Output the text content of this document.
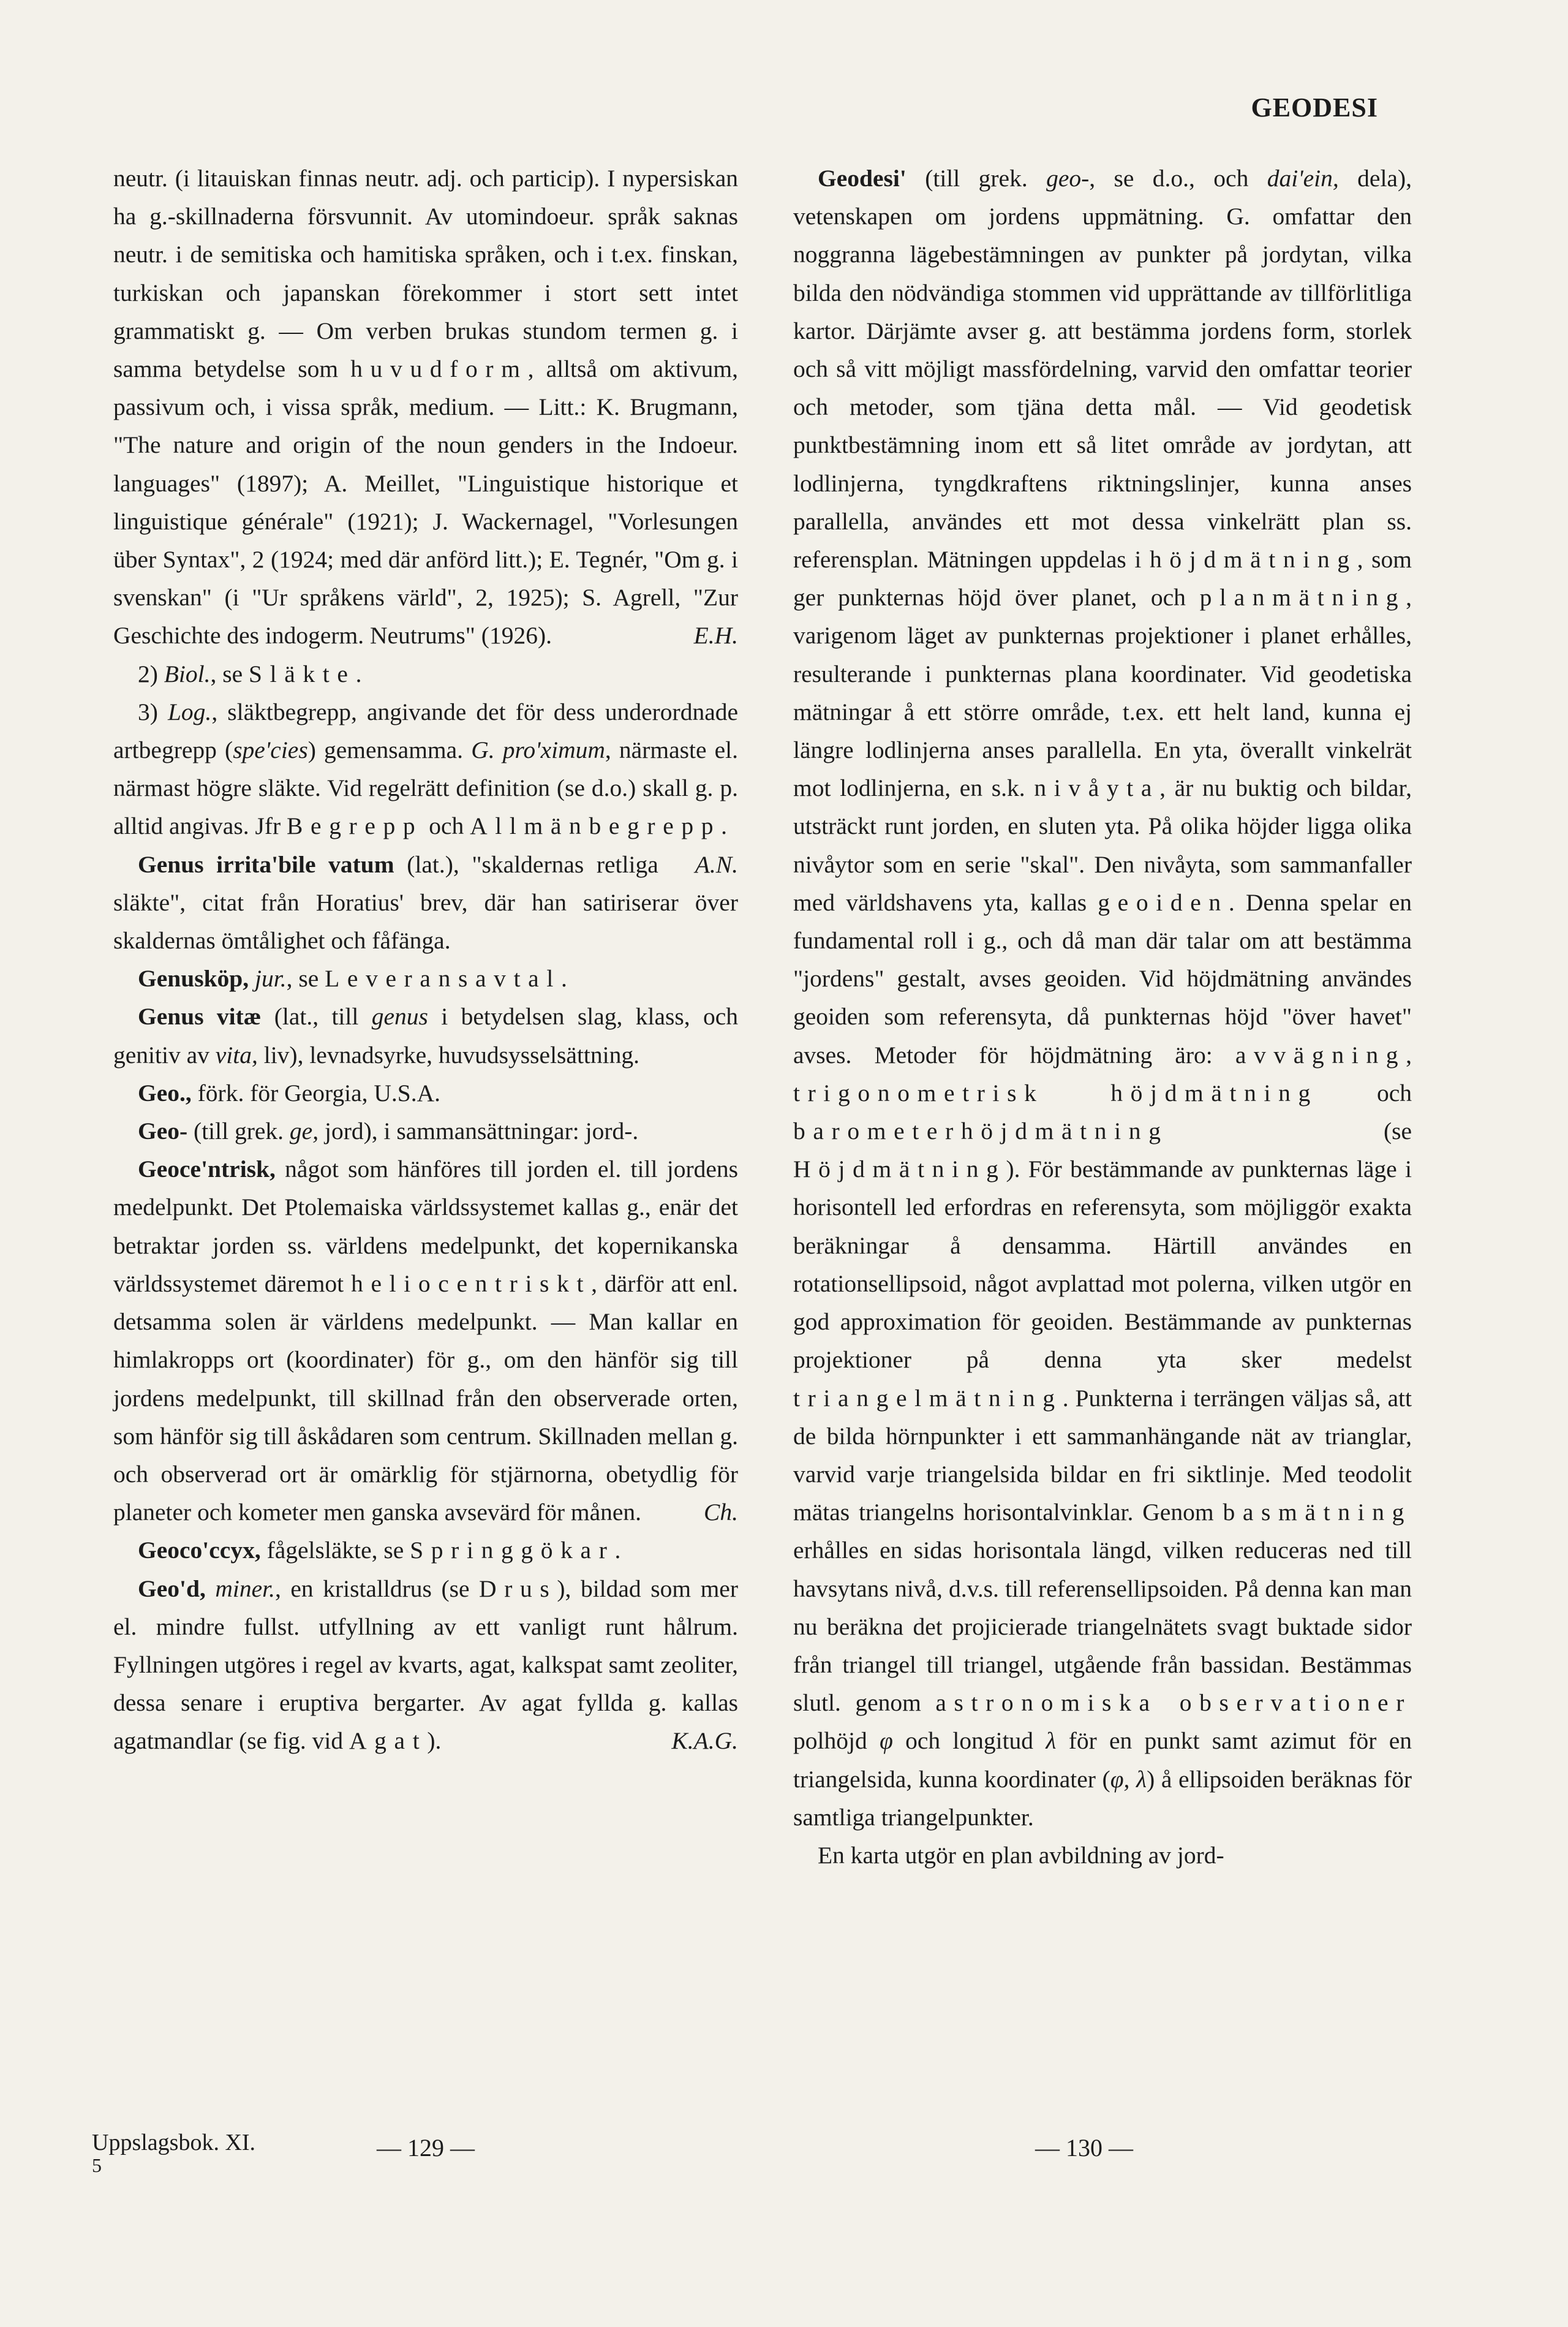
GEODESI

neutr. (i litauiskan finnas neutr. adj. och particip). I nypersiskan ha g.-skillnaderna försvunnit. Av utomindoeur. språk saknas neutr. i de semitiska och hamitiska språken, och i t.ex. finskan, turkiskan och japanskan förekommer i stort sett intet grammatiskt g. — Om verben brukas stundom termen g. i samma betydelse som huvudform, alltså om aktivum, passivum och, i vissa språk, medium. — Litt.: K. Brugmann, "The nature and origin of the noun genders in the Indoeur. languages" (1897); A. Meillet, "Linguistique historique et linguistique générale" (1921); J. Wackernagel, "Vorlesungen über Syntax", 2 (1924; med där anförd litt.); E. Tegnér, "Om g. i svenskan" (i "Ur språkens värld", 2, 1925); S. Agrell, "Zur Geschichte des indogerm. Neutrums" (1926).	E.H.

2) Biol., se Släkte.

3) Log., släktbegrepp, angivande det för dess underordnade artbegrepp (spe'cies) gemensamma. G. pro'ximum, närmaste el. närmast högre släkte. Vid regelrätt definition (se d.o.) skall g. p. alltid angivas. Jfr Begrepp och Allmänbegrepp.
A.N.

Genus irrita'bile vatum (lat.), "skaldernas retliga släkte", citat från Horatius' brev, där han satiriserar över skaldernas ömtålighet och fåfänga.

Genusköp, jur., se Leveransavtal.

Genus vitæ (lat., till genus i betydelsen slag, klass, och genitiv av vita, liv), levnadsyrke, huvudsysselsättning.

Geo., förk. för Georgia, U.S.A.

Geo- (till grek. ge, jord), i sammansättningar: jord-.

Geoce'ntrisk, något som hänföres till jorden el. till jordens medelpunkt. Det Ptolemaiska världssystemet kallas g., enär det betraktar jorden ss. världens medelpunkt, det kopernikanska världssystemet däremot heliocentriskt, därför att enl. detsamma solen är världens medelpunkt. — Man kallar en himlakropps ort (koordinater) för g., om den hänför sig till jordens medelpunkt, till skillnad från den observerade orten, som hänför sig till åskådaren som centrum. Skillnaden mellan g. och observerad ort är omärklig för stjärnorna, obetydlig för planeter och kometer men ganska avsevärd för månen.	Ch.

Geoco'ccyx, fågelsläkte, se Springgökar.

Geo'd, miner., en kristalldrus (se Drus), bildad som mer el. mindre fullst. utfyllning av ett vanligt runt hålrum. Fyllningen utgöres i regel av kvarts, agat, kalkspat samt zeoliter, dessa senare i eruptiva bergarter. Av agat fyllda g. kallas agatmandlar (se fig. vid Agat).	K.A.G.

Geodesi' (till grek. geo-, se d.o., och dai'ein, dela), vetenskapen om jordens uppmätning. G. omfattar den noggranna lägebestämningen av punkter på jordytan, vilka bilda den nödvändiga stommen vid upprättande av tillförlitliga kartor. Därjämte avser g. att bestämma jordens form, storlek och så vitt möjligt massfördelning, varvid den omfattar teorier och metoder, som tjäna detta mål. — Vid geodetisk punktbestämning inom ett så litet område av jordytan, att lodlinjerna, tyngdkraftens riktningslinjer, kunna anses parallella, användes ett mot dessa vinkelrätt plan ss. referensplan. Mätningen uppdelas i höjdmätning, som ger punkternas höjd över planet, och planmätning, varigenom läget av punkternas projektioner i planet erhålles, resulterande i punkternas plana koordinater. Vid geodetiska mätningar å ett större område, t.ex. ett helt land, kunna ej längre lodlinjerna anses parallella. En yta, överallt vinkelrät mot lodlinjerna, en s.k. nivåyta, är nu buktig och bildar, utsträckt runt jorden, en sluten yta. På olika höjder ligga olika nivåytor som en serie "skal". Den nivåyta, som sammanfaller med världshavens yta, kallas geoiden. Denna spelar en fundamental roll i g., och då man där talar om att bestämma "jordens" gestalt, avses geoiden. Vid höjdmätning användes geoiden som referensyta, då punkternas höjd "över havet" avses. Metoder för höjdmätning äro: avvägning, trigonometrisk höjdmätning och barometerhöjdmätning (se Höjdmätning). För bestämmande av punkternas läge i horisontell led erfordras en referensyta, som möjliggör exakta beräkningar å densamma. Härtill användes en rotationsellipsoid, något avplattad mot polerna, vilken utgör en god approximation för geoiden. Bestämmande av punkternas projektioner på denna yta sker medelst triangelmätning. Punkterna i terrängen väljas så, att de bilda hörnpunkter i ett sammanhängande nät av trianglar, varvid varje triangelsida bildar en fri siktlinje. Med teodolit mätas triangelns horisontalvinklar. Genom basmätning erhålles en sidas horisontala längd, vilken reduceras ned till havsytans nivå, d.v.s. till referensellipsoiden. På denna kan man nu beräkna det projicierade triangelnätets svagt buktade sidor från triangel till triangel, utgående från bassidan. Bestämmas slutl. genom astronomiska observationer polhöjd φ och longitud λ för en punkt samt azimut för en triangelsida, kunna koordinater (φ, λ) å ellipsoiden beräknas för samtliga triangelpunkter.

En karta utgör en plan avbildning av jord-

Uppslagsbok. XI.
5
— 129 —	— 130 —
